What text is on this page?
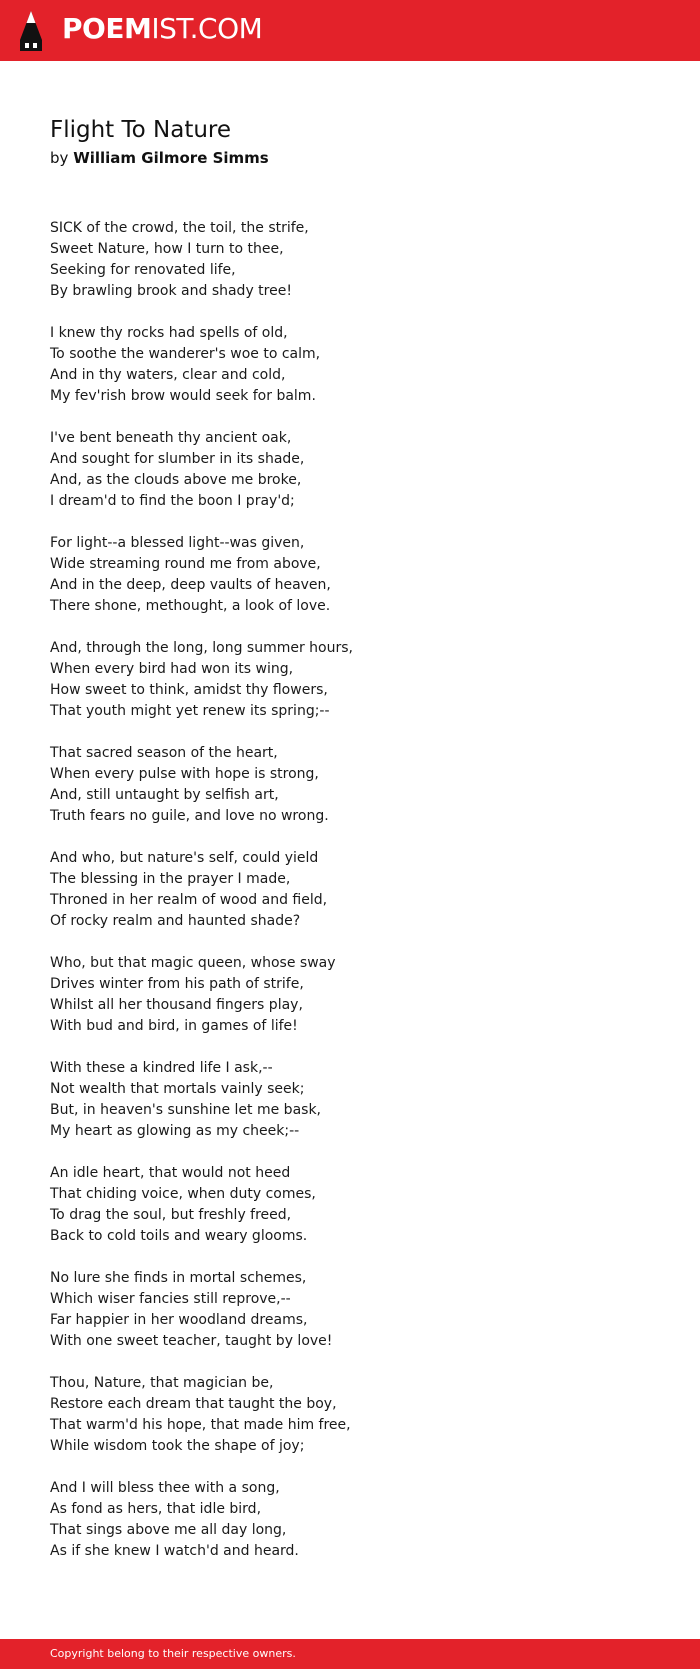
POEMIST.COM
Flight To Nature
by William Gilmore Simms
SICK of the crowd, the toil, the strife,
Sweet Nature, how I turn to thee,
Seeking for renovated life,
By brawling brook and shady tree!
I knew thy rocks had spells of old,
To soothe the wanderer's woe to calm,
And in thy waters, clear and cold,
My fev'rish brow would seek for balm.
I've bent beneath thy ancient oak,
And sought for slumber in its shade,
And, as the clouds above me broke,
I dream'd to find the boon I pray'd;
For light--a blessed light--was given,
Wide streaming round me from above,
And in the deep, deep vaults of heaven,
There shone, methought, a look of love.
And, through the long, long summer hours,
When every bird had won its wing,
How sweet to think, amidst thy flowers,
That youth might yet renew its spring;--
That sacred season of the heart,
When every pulse with hope is strong,
And, still untaught by selfish art,
Truth fears no guile, and love no wrong.
And who, but nature's self, could yield
The blessing in the prayer I made,
Throned in her realm of wood and field,
Of rocky realm and haunted shade?
Who, but that magic queen, whose sway
Drives winter from his path of strife,
Whilst all her thousand fingers play,
With bud and bird, in games of life!
With these a kindred life I ask,--
Not wealth that mortals vainly seek;
But, in heaven's sunshine let me bask,
My heart as glowing as my cheek;--
An idle heart, that would not heed
That chiding voice, when duty comes,
To drag the soul, but freshly freed,
Back to cold toils and weary glooms.
No lure she finds in mortal schemes,
Which wiser fancies still reprove,--
Far happier in her woodland dreams,
With one sweet teacher, taught by love!
Thou, Nature, that magician be,
Restore each dream that taught the boy,
That warm'd his hope, that made him free,
While wisdom took the shape of joy;
And I will bless thee with a song,
As fond as hers, that idle bird,
That sings above me all day long,
As if she knew I watch'd and heard.
Copyright belong to their respective owners.
